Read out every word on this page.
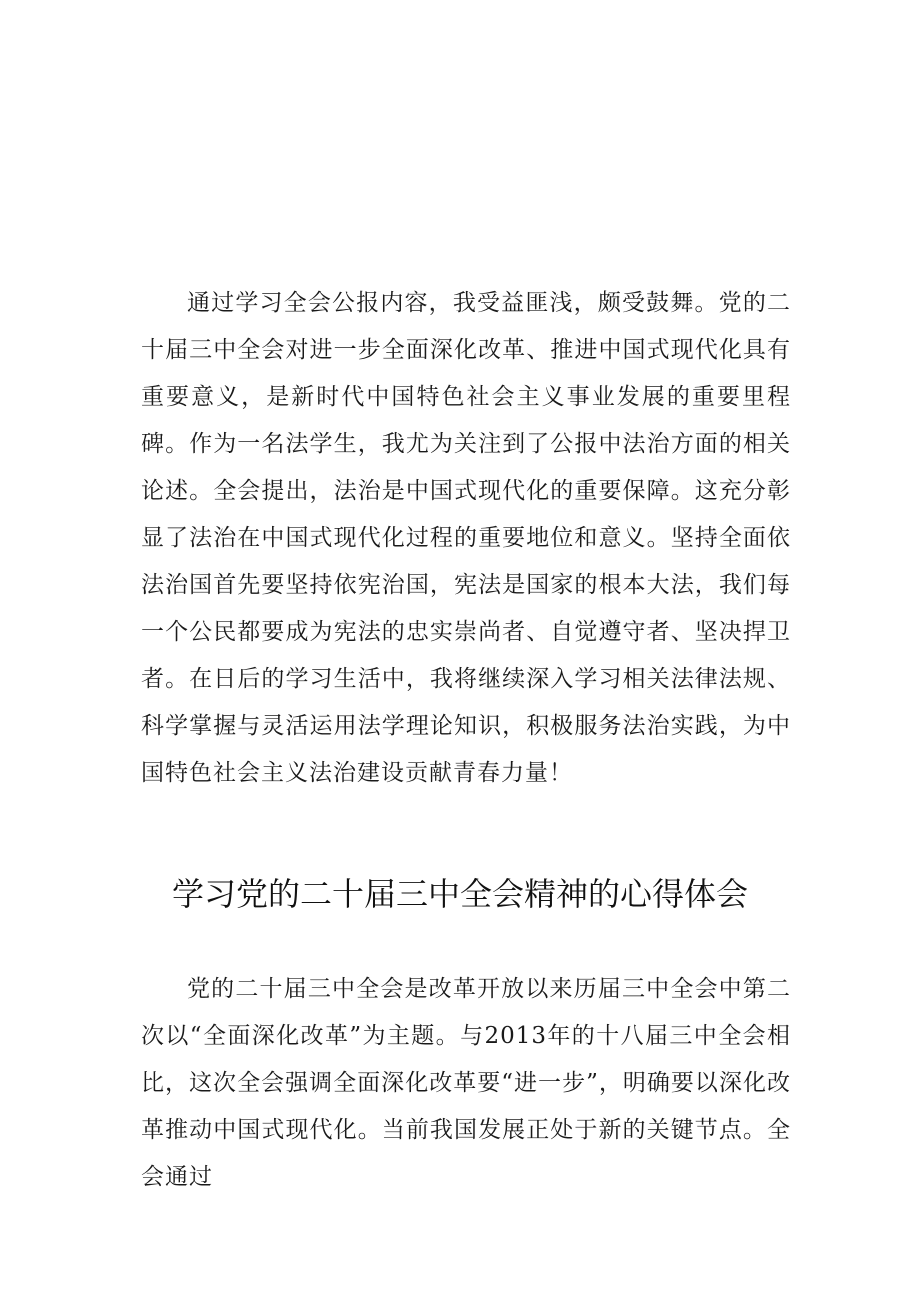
通过学习全会公报内容，我受益匪浅，颇受鼓舞。党的二十届三中全会对进一步全面深化改革、推进中国式现代化具有重要意义，是新时代中国特色社会主义事业发展的重要里程碑。作为一名法学生，我尤为关注到了公报中法治方面的相关论述。全会提出，法治是中国式现代化的重要保障。这充分彰显了法治在中国式现代化过程的重要地位和意义。坚持全面依法治国首先要坚持依宪治国，宪法是国家的根本大法，我们每一个公民都要成为宪法的忠实崇尚者、自觉遵守者、坚决捍卫者。在日后的学习生活中，我将继续深入学习相关法律法规、科学掌握与灵活运用法学理论知识，积极服务法治实践，为中国特色社会主义法治建设贡献青春力量！

学习党的二十届三中全会精神的心得体会

党的二十届三中全会是改革开放以来历届三中全会中第二次以“全面深化改革”为主题。与2013年的十八届三中全会相比，这次全会强调全面深化改革要“进一步”，明确要以深化改革推动中国式现代化。当前我国发展正处于新的关键节点。全会通过
